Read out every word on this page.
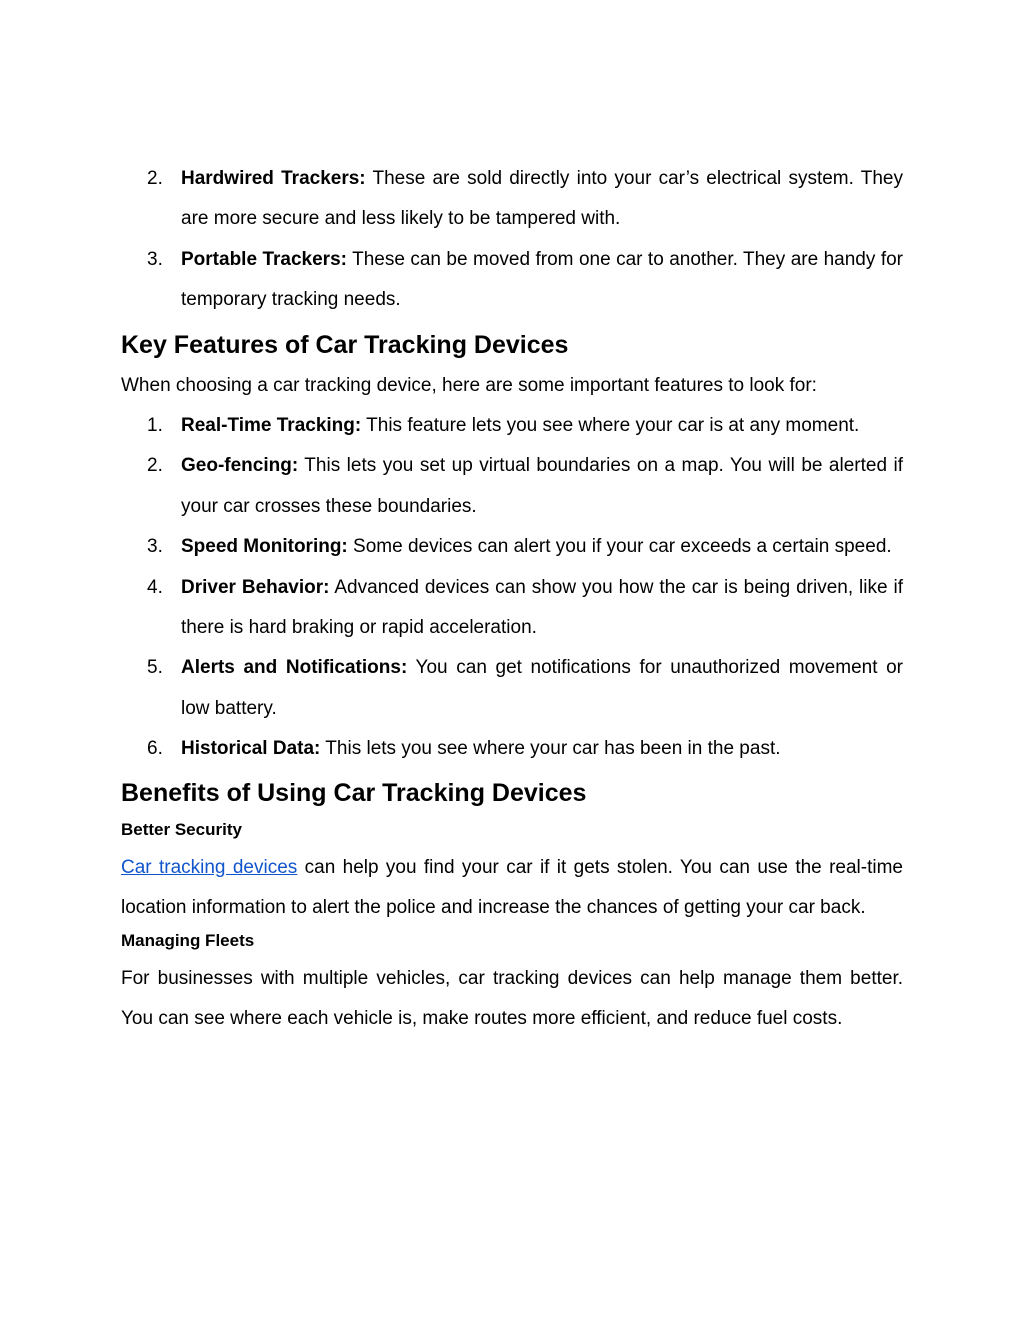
2. Hardwired Trackers: These are sold directly into your car’s electrical system. They are more secure and less likely to be tampered with.
3. Portable Trackers: These can be moved from one car to another. They are handy for temporary tracking needs.
Key Features of Car Tracking Devices

When choosing a car tracking device, here are some important features to look for:

1. Real-Time Tracking: This feature lets you see where your car is at any moment.
2. Geo-fencing: This lets you set up virtual boundaries on a map. You will be alerted if your car crosses these boundaries.
3. Speed Monitoring: Some devices can alert you if your car exceeds a certain speed.
4. Driver Behavior: Advanced devices can show you how the car is being driven, like if there is hard braking or rapid acceleration.
5. Alerts and Notifications: You can get notifications for unauthorized movement or low battery.
6. Historical Data: This lets you see where your car has been in the past.
Benefits of Using Car Tracking Devices
Better Security

Car tracking devices can help you find your car if it gets stolen. You can use the real-time location information to alert the police and increase the chances of getting your car back.

Managing Fleets

For businesses with multiple vehicles, car tracking devices can help manage them better. You can see where each vehicle is, make routes more efficient, and reduce fuel costs.
